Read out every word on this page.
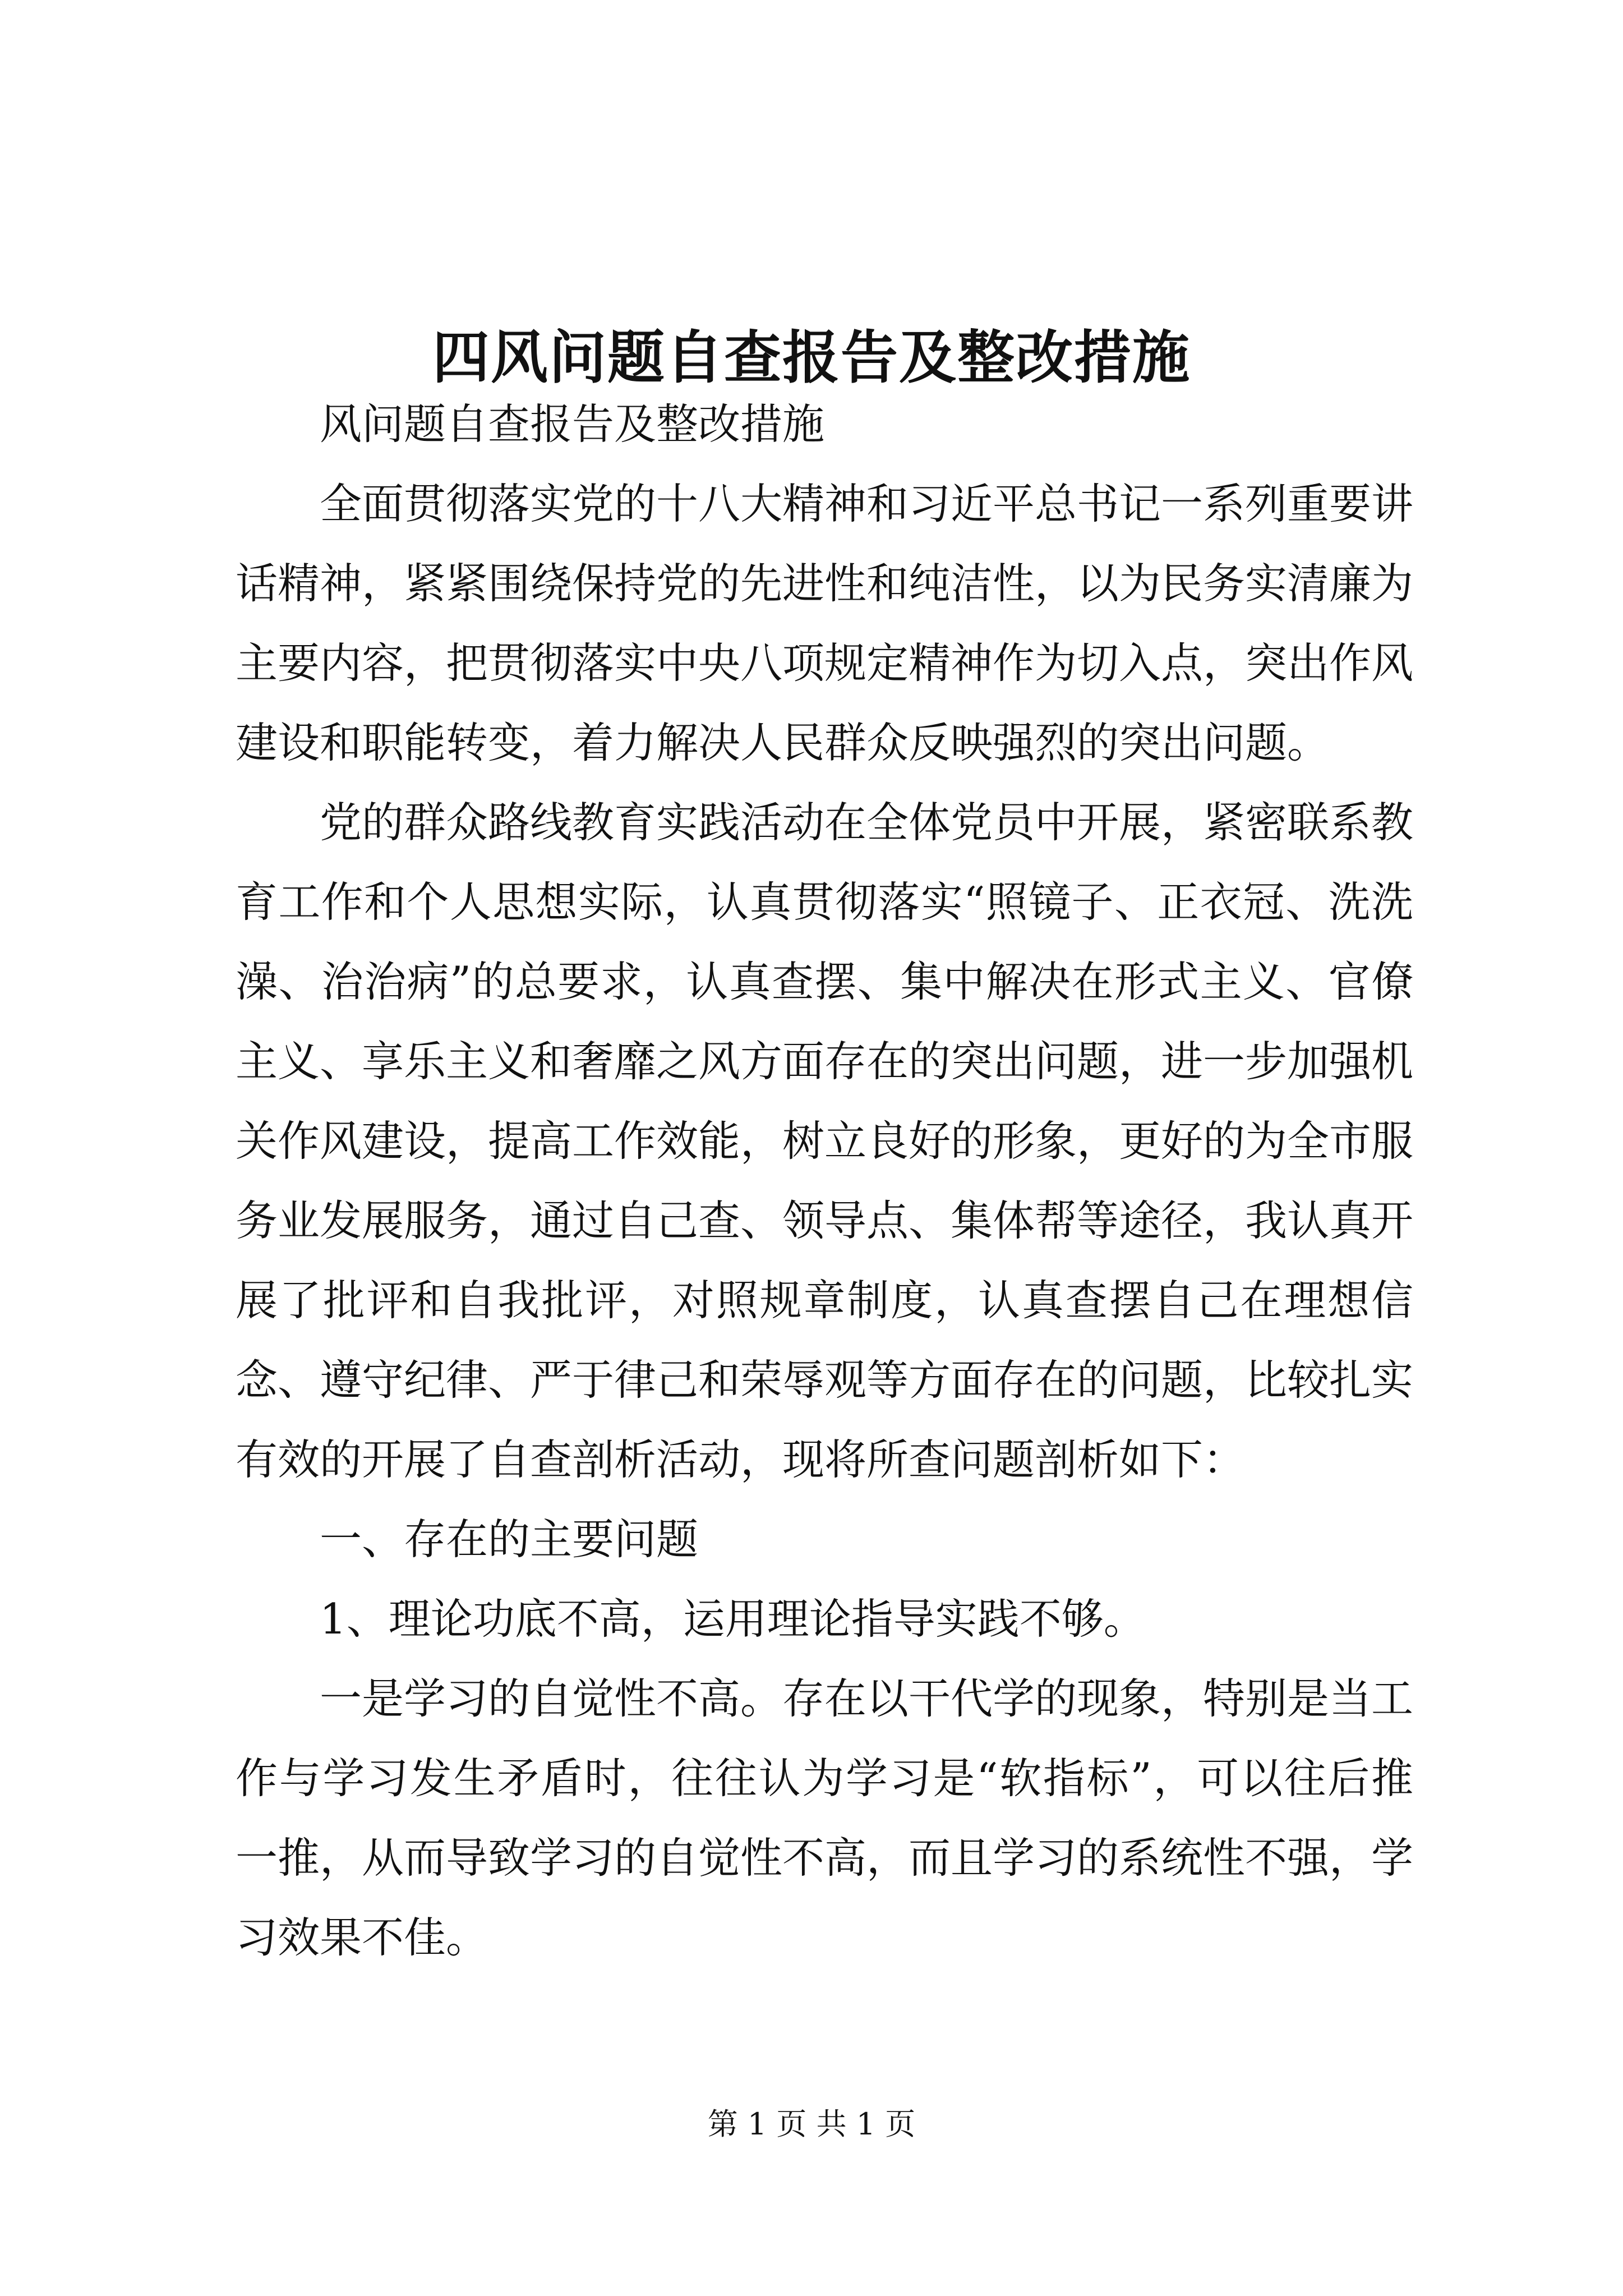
四风问题自查报告及整改措施

风问题自查报告及整改措施

全面贯彻落实党的十八大精神和习近平总书记一系列重要讲话精神，紧紧围绕保持党的先进性和纯洁性，以为民务实清廉为主要内容，把贯彻落实中央八项规定精神作为切入点，突出作风建设和职能转变，着力解决人民群众反映强烈的突出问题。

党的群众路线教育实践活动在全体党员中开展，紧密联系教育工作和个人思想实际，认真贯彻落实“照镜子、正衣冠、洗洗澡、治治病”的总要求，认真查摆、集中解决在形式主义、官僚主义、享乐主义和奢靡之风方面存在的突出问题，进一步加强机关作风建设，提高工作效能，树立良好的形象，更好的为全市服务业发展服务，通过自己查、领导点、集体帮等途径，我认真开展了批评和自我批评，对照规章制度，认真查摆自己在理想信念、遵守纪律、严于律己和荣辱观等方面存在的问题，比较扎实有效的开展了自查剖析活动，现将所查问题剖析如下：

一、存在的主要问题

1、理论功底不高，运用理论指导实践不够。

一是学习的自觉性不高。存在以干代学的现象，特别是当工作与学习发生矛盾时，往往认为学习是“软指标”，可以往后推一推，从而导致学习的自觉性不高，而且学习的系统性不强，学习效果不佳。

第 1 页 共 1 页
